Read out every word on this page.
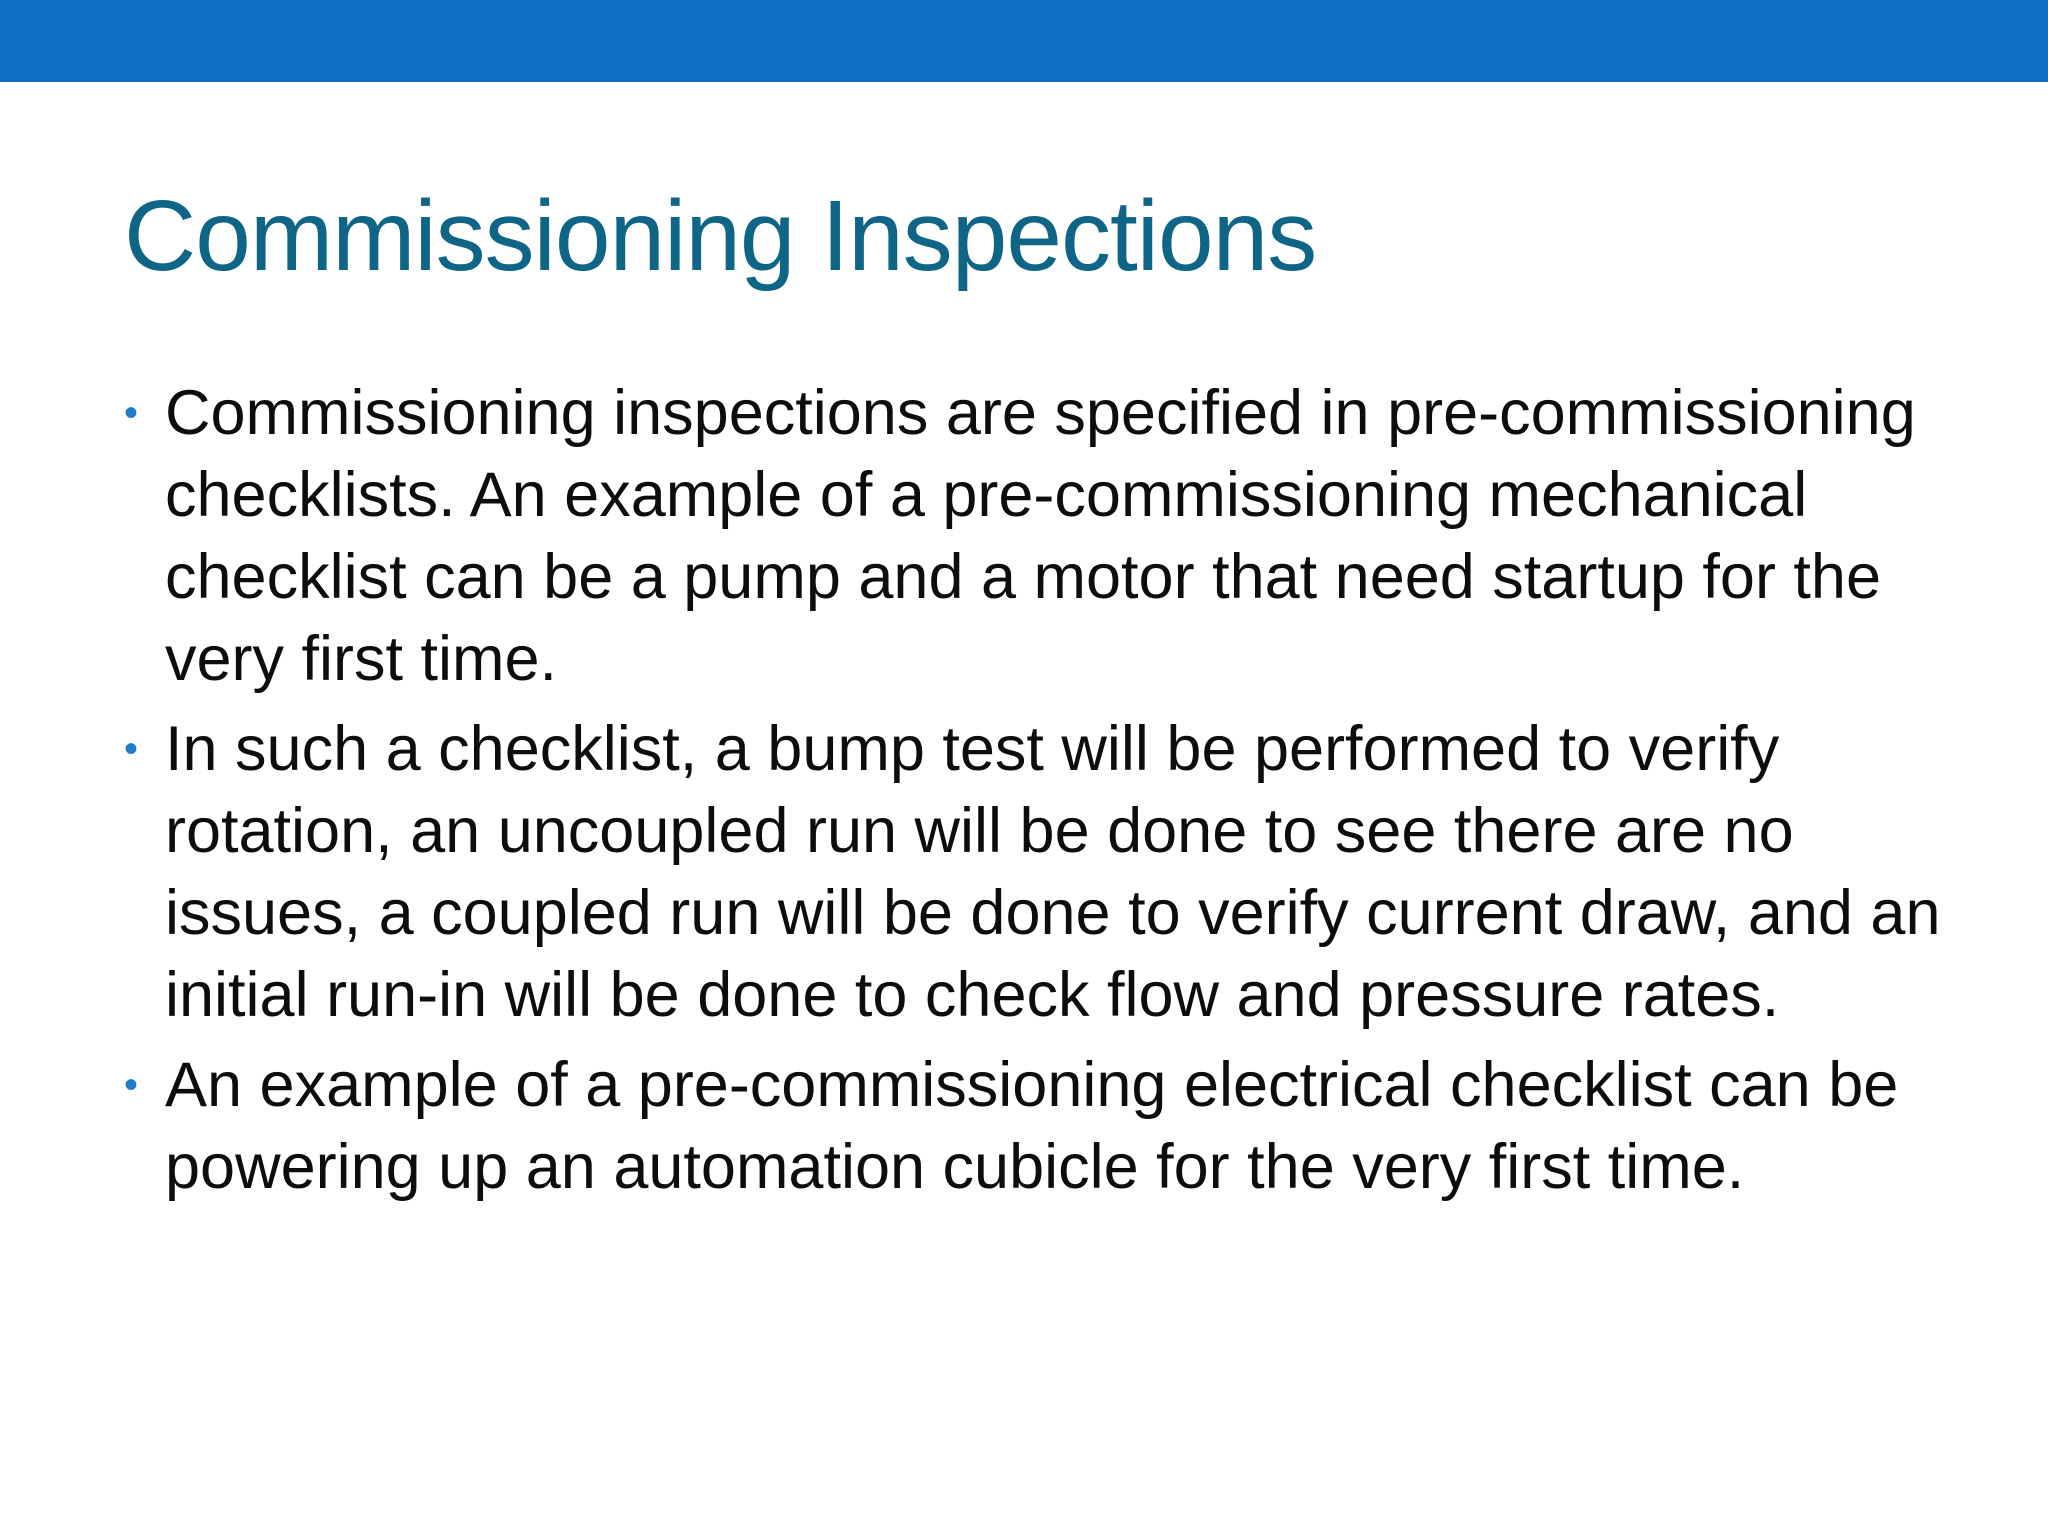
Commissioning Inspections
• Commissioning inspections are specified in pre-commissioning checklists. An example of a pre-commissioning mechanical checklist can be a pump and a motor that need startup for the very first time.
• In such a checklist, a bump test will be performed to verify rotation, an uncoupled run will be done to see there are no issues, a coupled run will be done to verify current draw, and an initial run-in will be done to check flow and pressure rates.
• An example of a pre-commissioning electrical checklist can be powering up an automation cubicle for the very first time.
